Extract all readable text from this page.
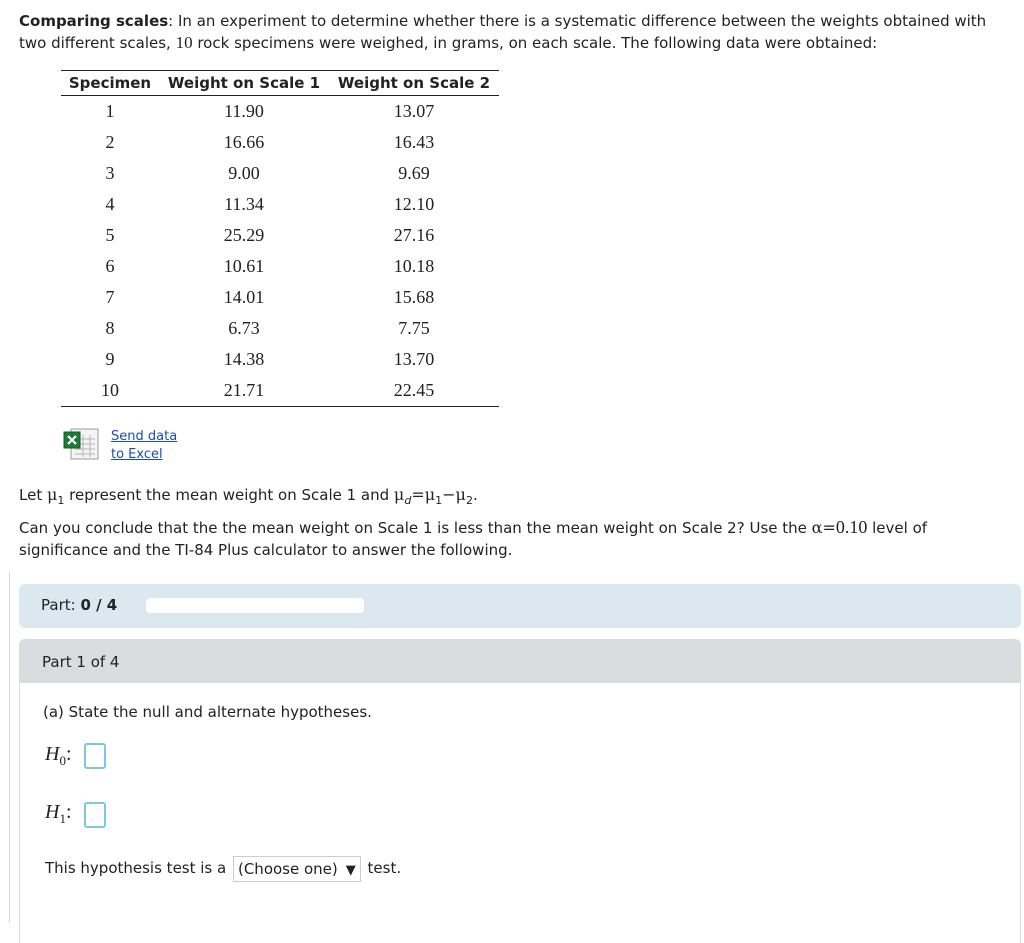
Comparing scales: In an experiment to determine whether there is a systematic difference between the weights obtained with two different scales, 10 rock specimens were weighed, in grams, on each scale. The following data were obtained:
Specimen	Weight on Scale 1	Weight on Scale 2
1	11.90	13.07
2	16.66	16.43
3	9.00	9.69
4	11.34	12.10
5	25.29	27.16
6	10.61	10.18
7	14.01	15.68
8	6.73	7.75
9	14.38	13.70
10	21.71	22.45
Send data
to Excel
Let $\mu_1$ represent the mean weight on Scale 1 and $\mu_d=\mu_1-\mu_2$.
Can you conclude that the the mean weight on Scale 1 is less than the mean weight on Scale 2? Use the α=0.10 level of significance and the TI-84 Plus calculator to answer the following.
Part: 0 / 4
Part 1 of 4
(a) State the null and alternate hypotheses.
$H_0$:
$H_1$:
This hypothesis test is a (Choose one) ▼ test.
